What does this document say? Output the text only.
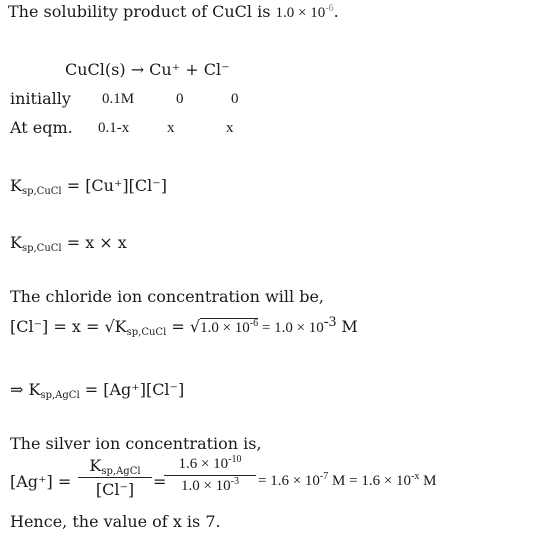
The solubility product of CuCl is $1.0 \times 10^{-6}$.
CuCl(s) → Cu⁺ + Cl⁻
initially 0.1M	0	0
At eqm. 0.1-x	x	x
$K_{sp,CuCl} = [Cu^+][Cl^-]$
$K_{sp,CuCl} = x \times x$
The chloride ion concentration will be,
$[Cl^-] = x = √K_{sp,CuCl} = √1.0 \times 10^{-6} = 1.0 \times 10^{-3}$ M
⇒ $K_{sp,AgCl} = [Ag^+][Cl^-]$
The silver ion concentration is,
[Ag⁺] =
$K_{sp,AgCl}$
[Cl⁻]	=
$1.6 \times 10^{-10}$
$1.0 \times 10^{-3}$	= $1.6 \times 10^{-7}$ $M = 1.6 \times 10^{-x}$ M
Hence, the value of x is 7.
